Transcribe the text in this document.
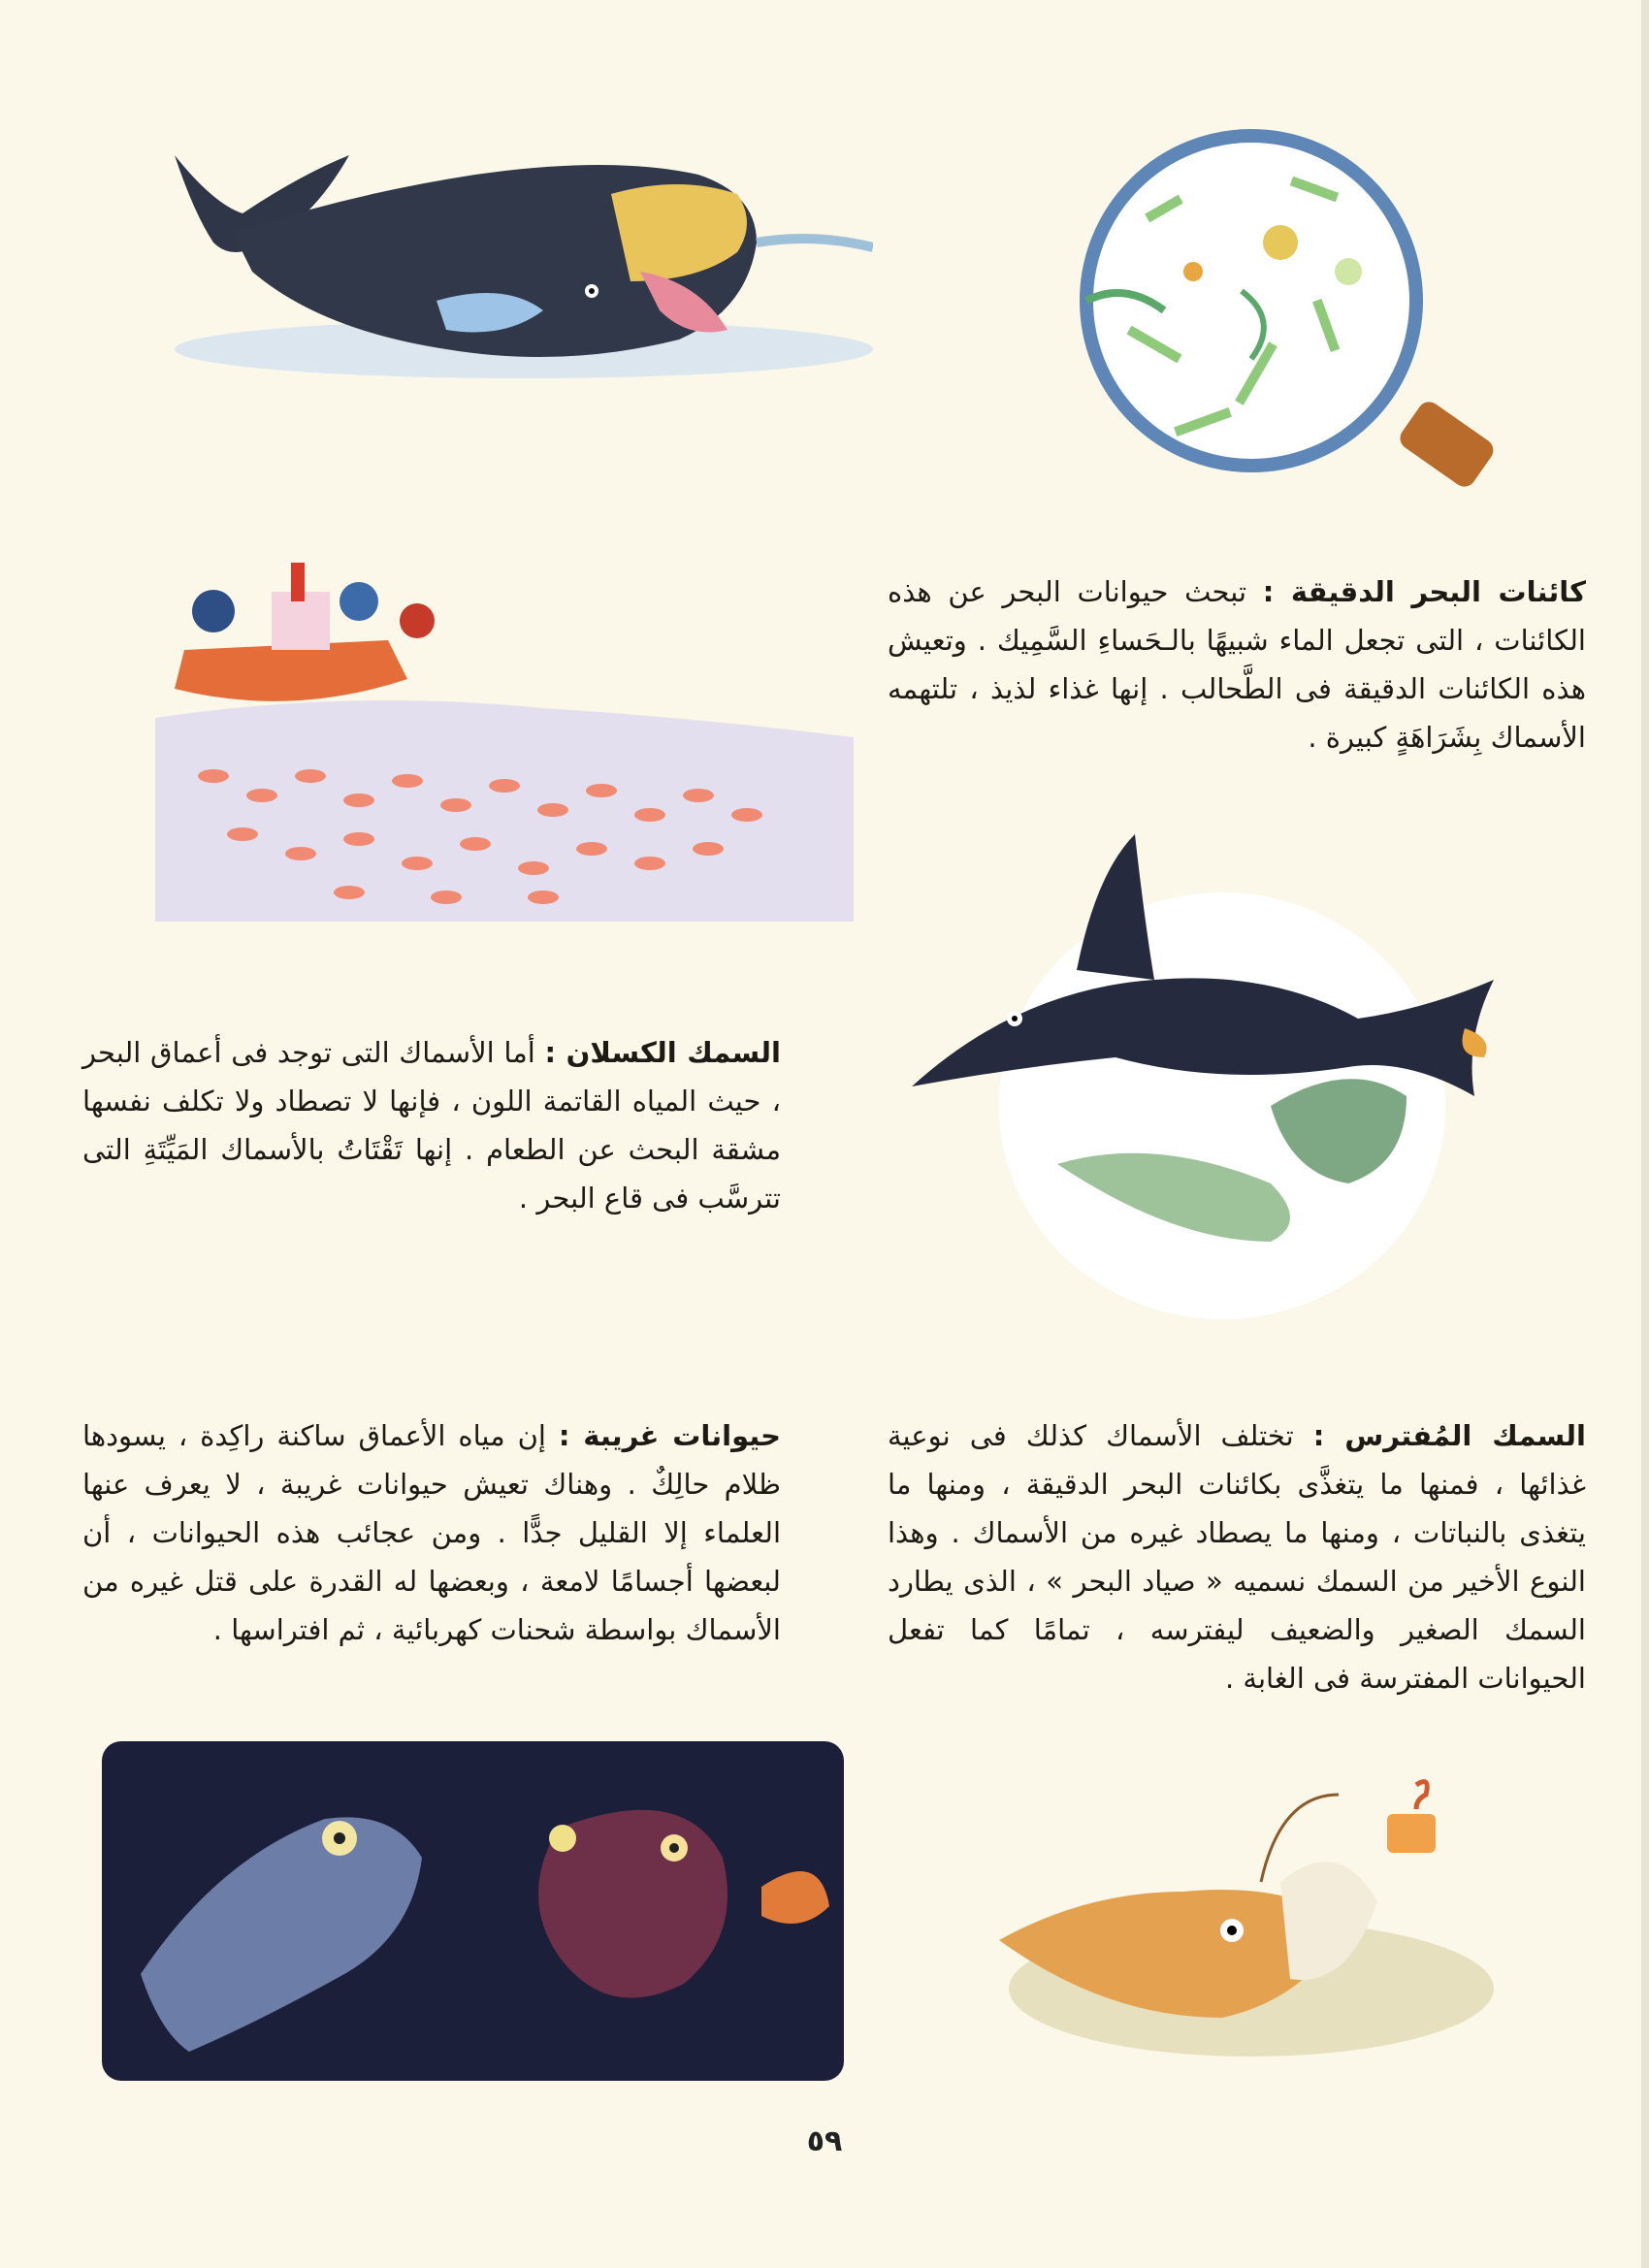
كائنات البحر الدقيقة : تبحث حيوانات البحر عن هذه الكائنات ، التى تجعل الماء شبيهًا بالـحَساءِ السَّمِيك . وتعيش هذه الكائنات الدقيقة فى الطَّحالب . إنها غذاء لذيذ ، تلتهمه الأسماك بِشَرَاهَةٍ كبيرة .
السمك الكسلان : أما الأسماك التى توجد فى أعماق البحر ، حيث المياه القاتمة اللون ، فإنها لا تصطاد ولا تكلف نفسها مشقة البحث عن الطعام . إنها تَقْتَاتُ بالأسماك المَيِّتَةِ التى تترسَّب فى قاع البحر .
السمك المُفترس : تختلف الأسماك كذلك فى نوعية غذائها ، فمنها ما يتغذَّى بكائنات البحر الدقيقة ، ومنها ما يتغذى بالنباتات ، ومنها ما يصطاد غيره من الأسماك . وهذا النوع الأخير من السمك نسميه « صياد البحر » ، الذى يطارد السمك الصغير والضعيف ليفترسه ، تمامًا كما تفعل الحيوانات المفترسة فى الغابة .
حيوانات غريبة : إن مياه الأعماق ساكنة راكِدة ، يسودها ظلام حالِكٌ . وهناك تعيش حيوانات غريبة ، لا يعرف عنها العلماء إلا القليل جدًّا . ومن عجائب هذه الحيوانات ، أن لبعضها أجسامًا لامعة ، وبعضها له القدرة على قتل غيره من الأسماك بواسطة شحنات كهربائية ، ثم افتراسها .
٥٩
